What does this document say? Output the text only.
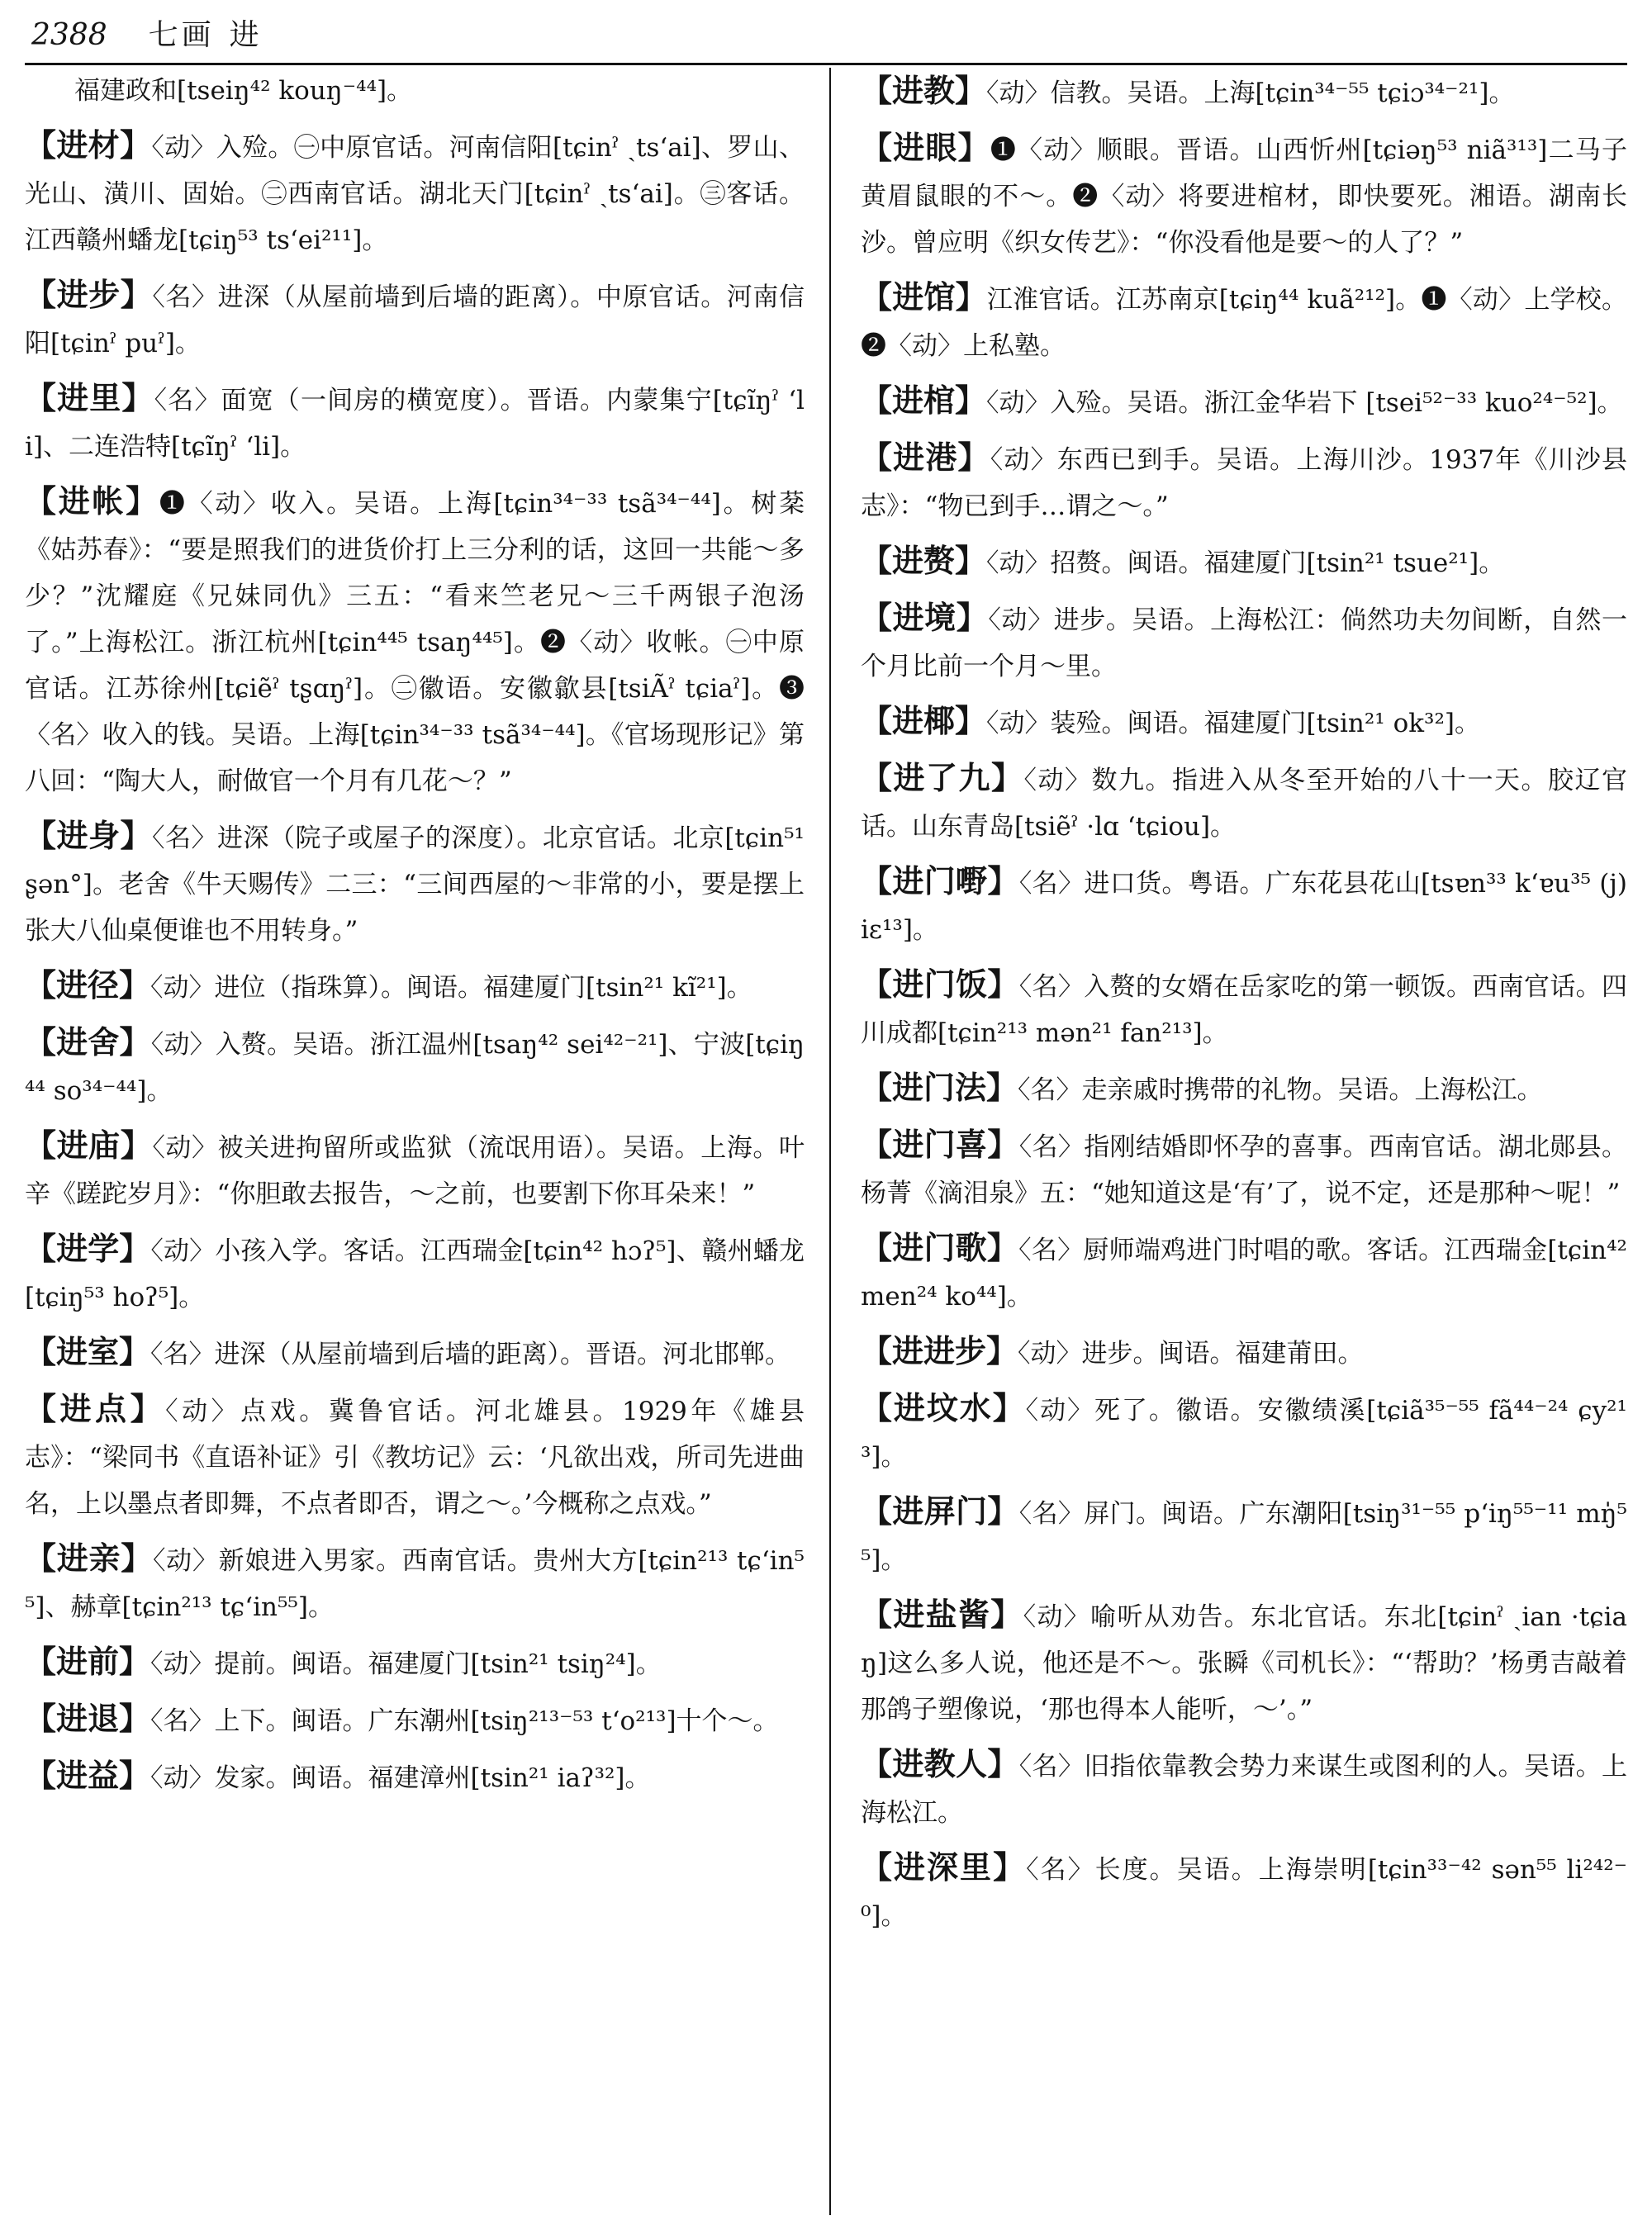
2388 七画 进
福建政和[tseiŋ⁴² kouŋ⁻⁴⁴]。
【进材】〈动〉入殓。㊀中原官话。河南信阳[tɕinˀ ˏts‘ai]、罗山、光山、潢川、固始。㊁西南官话。湖北天门[tɕinˀ ˏts‘ai]。㊂客话。江西赣州蟠龙[tɕiŋ⁵³ ts‘ei²¹¹]。
【进步】〈名〉进深（从屋前墙到后墙的距离）。中原官话。河南信阳[tɕinˀ puˀ]。
【进里】〈名〉面宽（一间房的横宽度）。晋语。内蒙集宁[tɕĩŋˀ ‘li]、二连浩特[tɕĩŋˀ ‘li]。
【进帐】❶〈动〉收入。吴语。上海[tɕin³⁴⁻³³ tsã³⁴⁻⁴⁴]。树棻《姑苏春》：“要是照我们的进货价打上三分利的话，这回一共能～多少？”沈耀庭《兄妹同仇》三五：“看来竺老兄～三千两银子泡汤了。”上海松江。浙江杭州[tɕin⁴⁴⁵ tsaŋ⁴⁴⁵]。❷〈动〉收帐。㊀中原官话。江苏徐州[tɕiẽˀ tʂɑŋˀ]。㊁徽语。安徽歙县[tsiÃˀ tɕiaˀ]。❸〈名〉收入的钱。吴语。上海[tɕin³⁴⁻³³ tsã³⁴⁻⁴⁴]。《官场现形记》第八回：“陶大人，耐做官一个月有几花～？”
【进身】〈名〉进深（院子或屋子的深度）。北京官话。北京[tɕin⁵¹ ʂən°]。老舍《牛天赐传》二三：“三间西屋的～非常的小，要是摆上张大八仙桌便谁也不用转身。”
【进径】〈动〉进位（指珠算）。闽语。福建厦门[tsin²¹ kĩ²¹]。
【进舍】〈动〉入赘。吴语。浙江温州[tsaŋ⁴² sei⁴²⁻²¹]、宁波[tɕiŋ⁴⁴ so³⁴⁻⁴⁴]。
【进庙】〈动〉被关进拘留所或监狱（流氓用语）。吴语。上海。叶辛《蹉跎岁月》：“你胆敢去报告，～之前，也要割下你耳朵来！”
【进学】〈动〉小孩入学。客话。江西瑞金[tɕin⁴² hɔʔ⁵]、赣州蟠龙[tɕiŋ⁵³ hoʔ⁵]。
【进室】〈名〉进深（从屋前墙到后墙的距离）。晋语。河北邯郸。
【进点】〈动〉点戏。冀鲁官话。河北雄县。1929年《雄县志》：“梁同书《直语补证》引《教坊记》云：‘凡欲出戏，所司先进曲名，上以墨点者即舞，不点者即否，谓之～。’今概称之点戏。”
【进亲】〈动〉新娘进入男家。西南官话。贵州大方[tɕin²¹³ tɕ‘in⁵⁵]、赫章[tɕin²¹³ tɕ‘in⁵⁵]。
【进前】〈动〉提前。闽语。福建厦门[tsin²¹ tsiŋ²⁴]。
【进退】〈名〉上下。闽语。广东潮州[tsiŋ²¹³⁻⁵³ t‘o²¹³]十个～。
【进益】〈动〉发家。闽语。福建漳州[tsin²¹ iaʔ³²]。
【进教】〈动〉信教。吴语。上海[tɕin³⁴⁻⁵⁵ tɕiɔ³⁴⁻²¹]。
【进眼】❶〈动〉顺眼。晋语。山西忻州[tɕiəŋ⁵³ niã³¹³]二马子黄眉鼠眼的不～。❷〈动〉将要进棺材，即快要死。湘语。湖南长沙。曾应明《织女传艺》：“你没看他是要～的人了？”
【进馆】江淮官话。江苏南京[tɕiŋ⁴⁴ kuã²¹²]。❶〈动〉上学校。❷〈动〉上私塾。
【进棺】〈动〉入殓。吴语。浙江金华岩下 [tsei⁵²⁻³³ kuo²⁴⁻⁵²]。
【进港】〈动〉东西已到手。吴语。上海川沙。1937年《川沙县志》：“物已到手…谓之～。”
【进赘】〈动〉招赘。闽语。福建厦门[tsin²¹ tsue²¹]。
【进境】〈动〉进步。吴语。上海松江：倘然功夫勿间断，自然一个月比前一个月～里。
【进椰】〈动〉装殓。闽语。福建厦门[tsin²¹ ok³²]。
【进了九】〈动〉数九。指进入从冬至开始的八十一天。胶辽官话。山东青岛[tsiẽˀ ·lɑ ‘tɕiou]。
【进门嘢】〈名〉进口货。粤语。广东花县花山[tsɐn³³ k‘ɐu³⁵ (j)iɛ¹³]。
【进门饭】〈名〉入赘的女婿在岳家吃的第一顿饭。西南官话。四川成都[tɕin²¹³ mən²¹ fan²¹³]。
【进门法】〈名〉走亲戚时携带的礼物。吴语。上海松江。
【进门喜】〈名〉指刚结婚即怀孕的喜事。西南官话。湖北郧县。杨菁《滴泪泉》五：“她知道这是‘有’了，说不定，还是那种～呢！”
【进门歌】〈名〉厨师端鸡进门时唱的歌。客话。江西瑞金[tɕin⁴² men²⁴ ko⁴⁴]。
【进进步】〈动〉进步。闽语。福建莆田。
【进坟水】〈动〉死了。徽语。安徽绩溪[tɕiã³⁵⁻⁵⁵ fã⁴⁴⁻²⁴ ɕy²¹³]。
【进屏门】〈名〉屏门。闽语。广东潮阳[tsiŋ³¹⁻⁵⁵ p‘iŋ⁵⁵⁻¹¹ mŋ̍⁵⁵]。
【进盐酱】〈动〉喻听从劝告。东北官话。东北[tɕinˀ ˏian ·tɕiaŋ]这么多人说，他还是不～。张瞬《司机长》：“‘帮助？’杨勇吉敲着那鸽子塑像说，‘那也得本人能听，～’。”
【进教人】〈名〉旧指依靠教会势力来谋生或图利的人。吴语。上海松江。
【进深里】〈名〉长度。吴语。上海崇明[tɕin³³⁻⁴² sən⁵⁵ li²⁴²⁻⁰]。
